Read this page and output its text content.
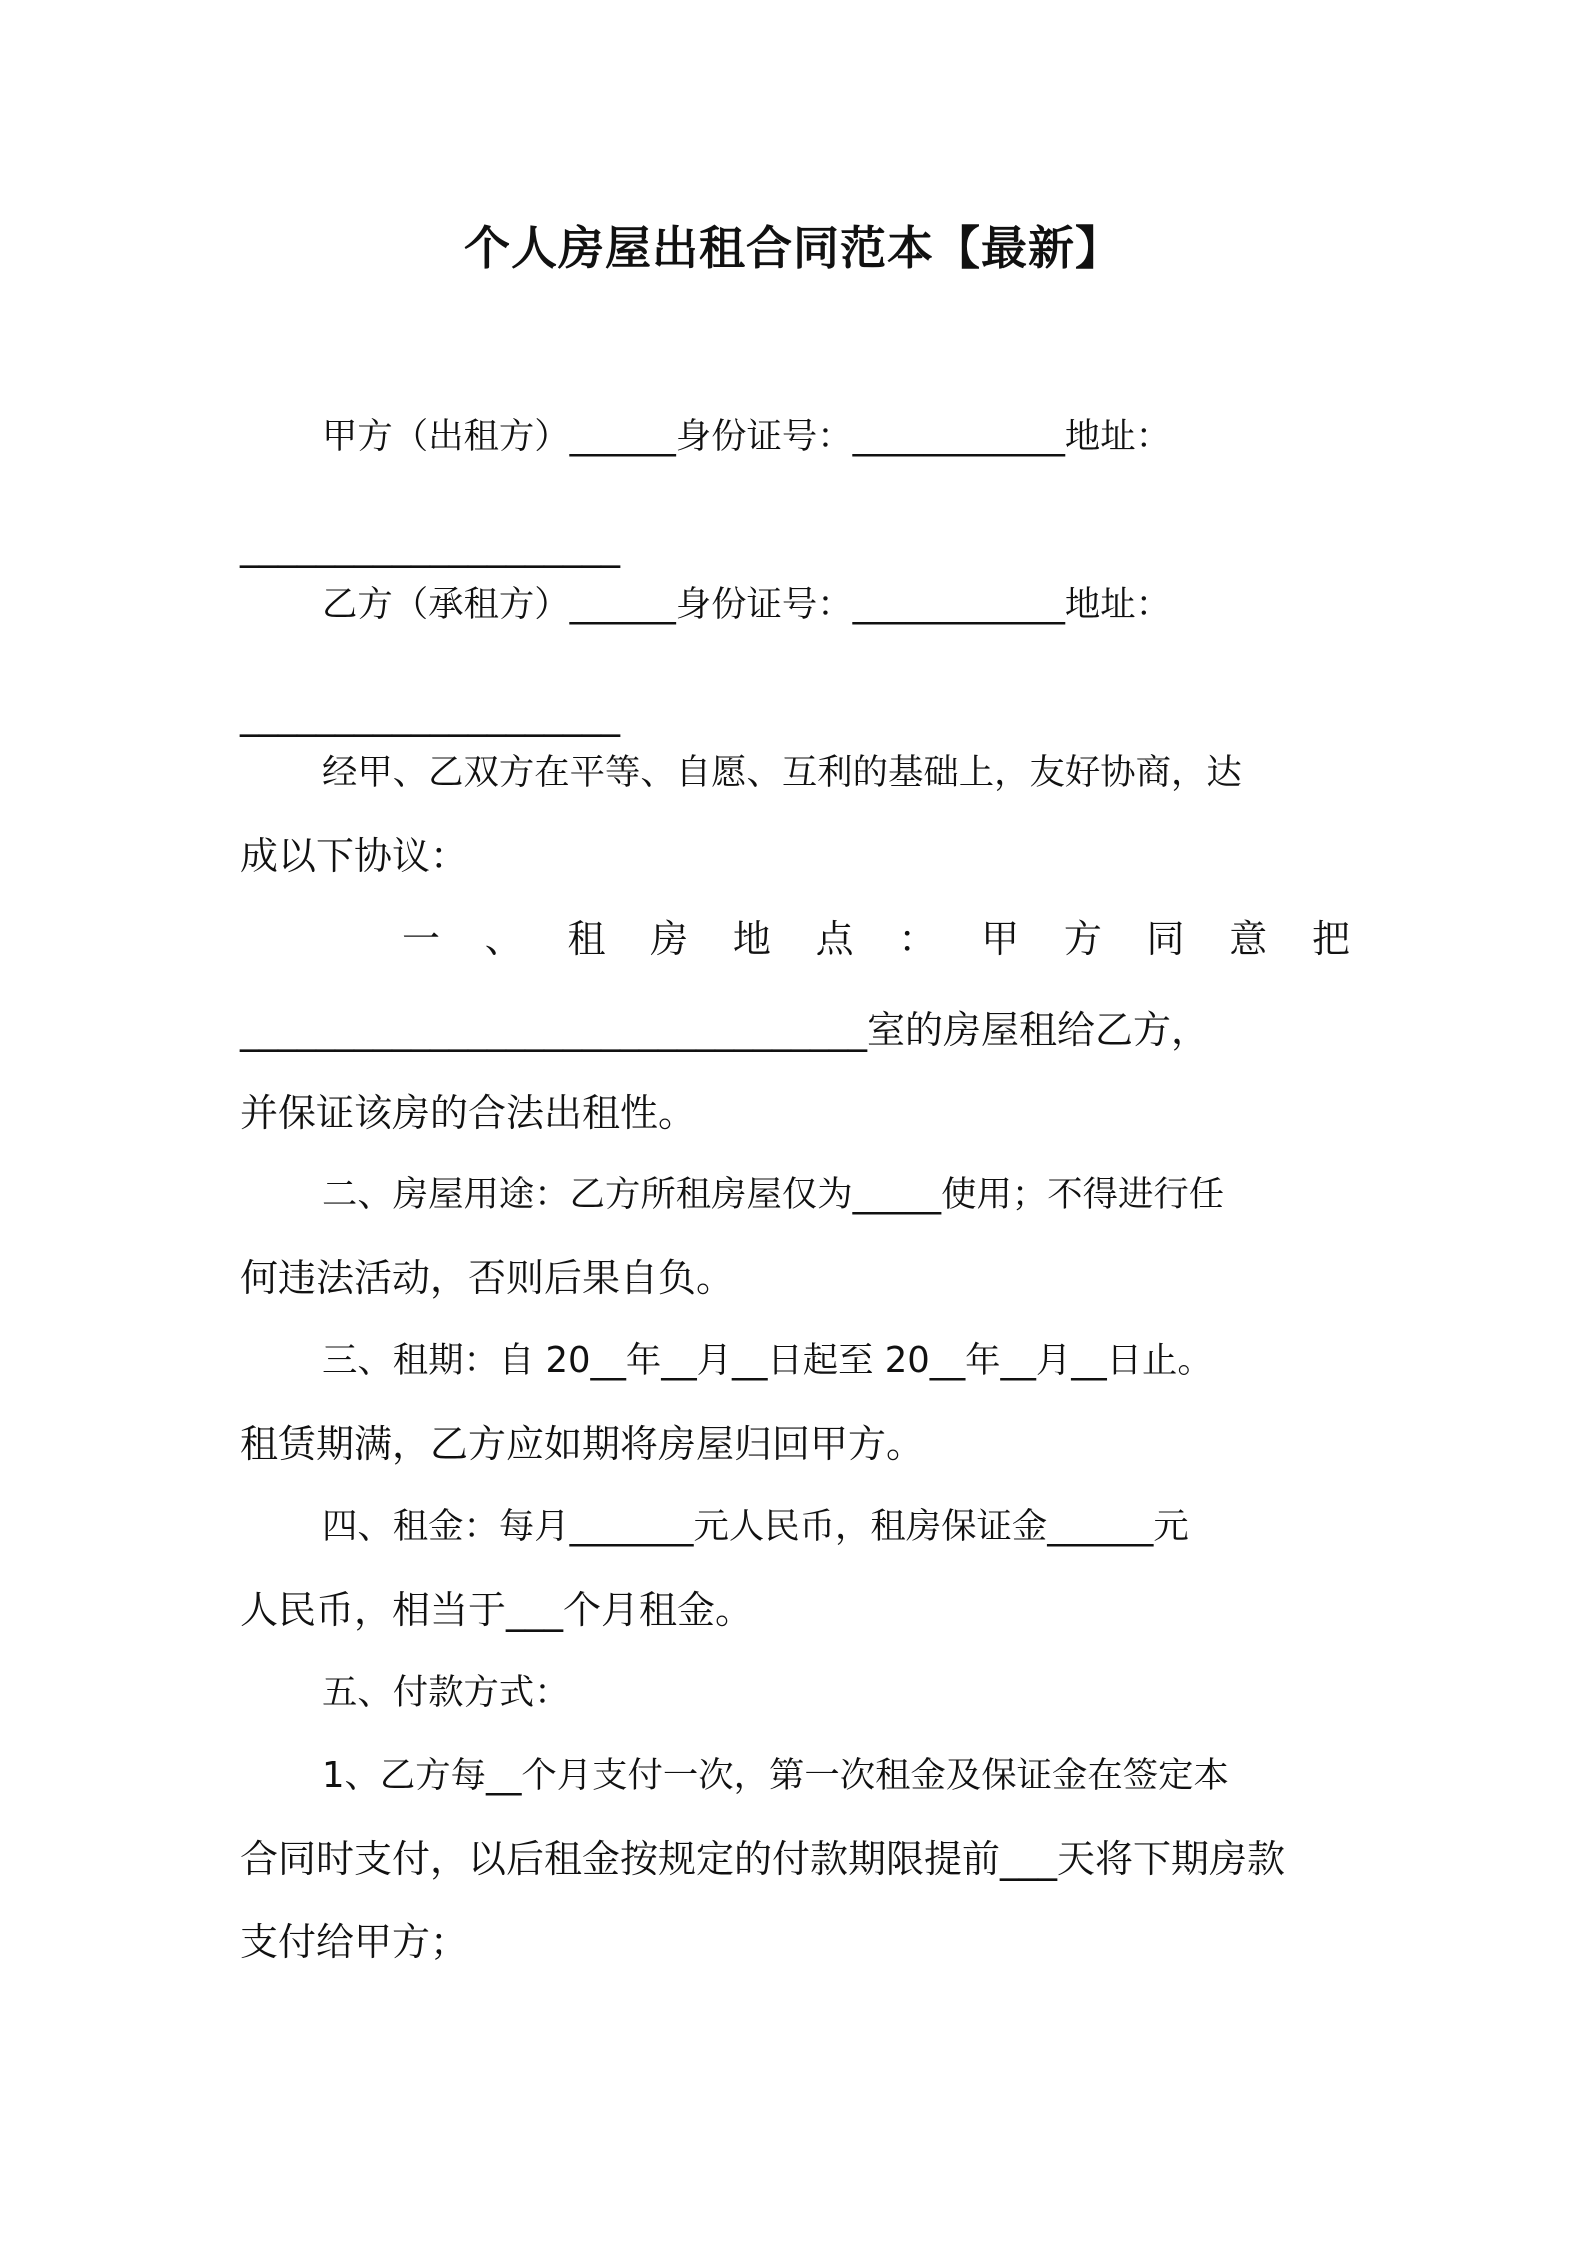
个人房屋出租合同范本【最新】
甲方（出租方）______身份证号：____________地址：
____________________
乙方（承租方）______身份证号：____________地址：
____________________
经甲、乙双方在平等、自愿、互利的基础上，友好协商，达
成以下协议：
一 、 租 房 地 点 ： 甲 方 同 意 把
_________________________________室的房屋租给乙方，
并保证该房的合法出租性。
二、房屋用途：乙方所租房屋仅为_____使用；不得进行任
何违法活动，否则后果自负。
三、租期：自 20__年__月__日起至 20__年__月__日止。
租赁期满，乙方应如期将房屋归回甲方。
四、租金：每月_______元人民币，租房保证金______元
人民币，相当于___个月租金。
五、付款方式：
1、乙方每__个月支付一次，第一次租金及保证金在签定本
合同时支付，以后租金按规定的付款期限提前___天将下期房款
支付给甲方；
